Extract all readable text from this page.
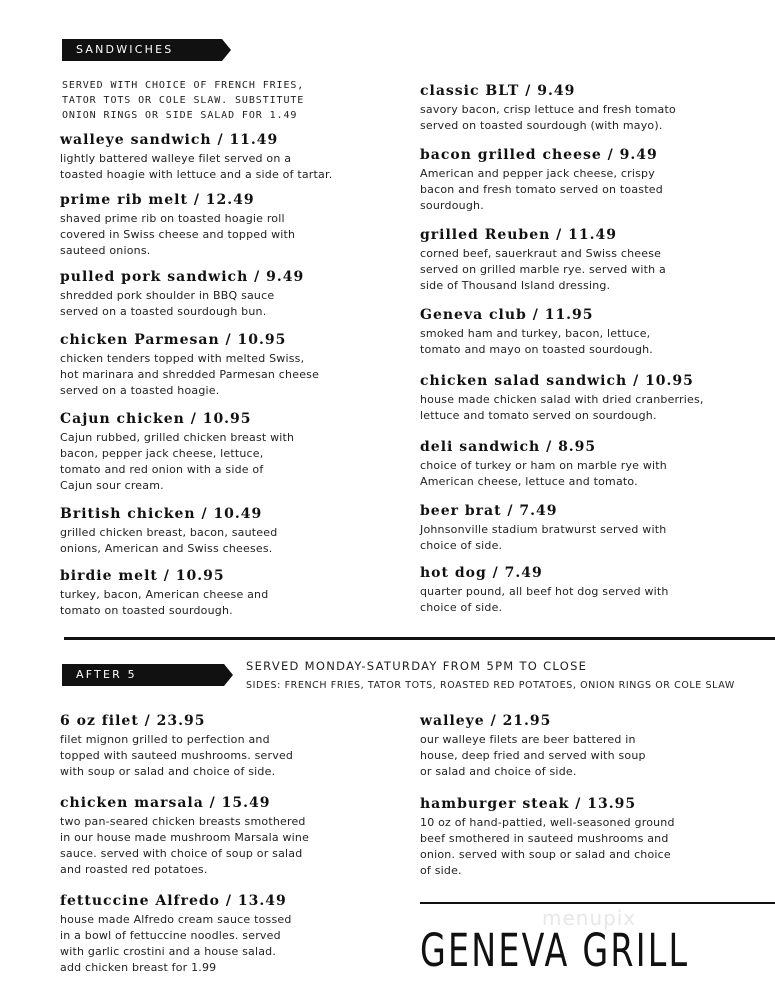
SANDWICHES
SERVED WITH CHOICE OF FRENCH FRIES,
TATOR TOTS OR COLE SLAW. SUBSTITUTE
ONION RINGS OR SIDE SALAD FOR 1.49
walleye sandwich / 11.49
lightly battered walleye filet served on a
toasted hoagie with lettuce and a side of tartar.
prime rib melt / 12.49
shaved prime rib on toasted hoagie roll
covered in Swiss cheese and topped with
sauteed onions.
pulled pork sandwich / 9.49
shredded pork shoulder in BBQ sauce
served on a toasted sourdough bun.
chicken Parmesan / 10.95
chicken tenders topped with melted Swiss,
hot marinara and shredded Parmesan cheese
served on a toasted hoagie.
Cajun chicken / 10.95
Cajun rubbed, grilled chicken breast with
bacon, pepper jack cheese, lettuce,
tomato and red onion with a side of
Cajun sour cream.
British chicken / 10.49
grilled chicken breast, bacon, sauteed
onions, American and Swiss cheeses.
birdie melt / 10.95
turkey, bacon, American cheese and
tomato on toasted sourdough.
classic BLT / 9.49
savory bacon, crisp lettuce and fresh tomato
served on toasted sourdough (with mayo).
bacon grilled cheese / 9.49
American and pepper jack cheese, crispy
bacon and fresh tomato served on toasted
sourdough.
grilled Reuben / 11.49
corned beef, sauerkraut and Swiss cheese
served on grilled marble rye. served with a
side of Thousand Island dressing.
Geneva club / 11.95
smoked ham and turkey, bacon, lettuce,
tomato and mayo on toasted sourdough.
chicken salad sandwich / 10.95
house made chicken salad with dried cranberries,
lettuce and tomato served on sourdough.
deli sandwich / 8.95
choice of turkey or ham on marble rye with
American cheese, lettuce and tomato.
beer brat / 7.49
Johnsonville stadium bratwurst served with
choice of side.
hot dog / 7.49
quarter pound, all beef hot dog served with
choice of side.
AFTER 5
SERVED MONDAY-SATURDAY FROM 5PM TO CLOSE
SIDES: FRENCH FRIES, TATOR TOTS, ROASTED RED POTATOES, ONION RINGS OR COLE SLAW
6 oz filet / 23.95
filet mignon grilled to perfection and
topped with sauteed mushrooms. served
with soup or salad and choice of side.
chicken marsala / 15.49
two pan-seared chicken breasts smothered
in our house made mushroom Marsala wine
sauce. served with choice of soup or salad
and roasted red potatoes.
fettuccine Alfredo / 13.49
house made Alfredo cream sauce tossed
in a bowl of fettuccine noodles. served
with garlic crostini and a house salad.
add chicken breast for 1.99
walleye / 21.95
our walleye filets are beer battered in
house, deep fried and served with soup
or salad and choice of side.
hamburger steak / 13.95
10 oz of hand-pattied, well-seasoned ground
beef smothered in sauteed mushrooms and
onion. served with soup or salad and choice
of side.
menupix
GENEVA GRILL
